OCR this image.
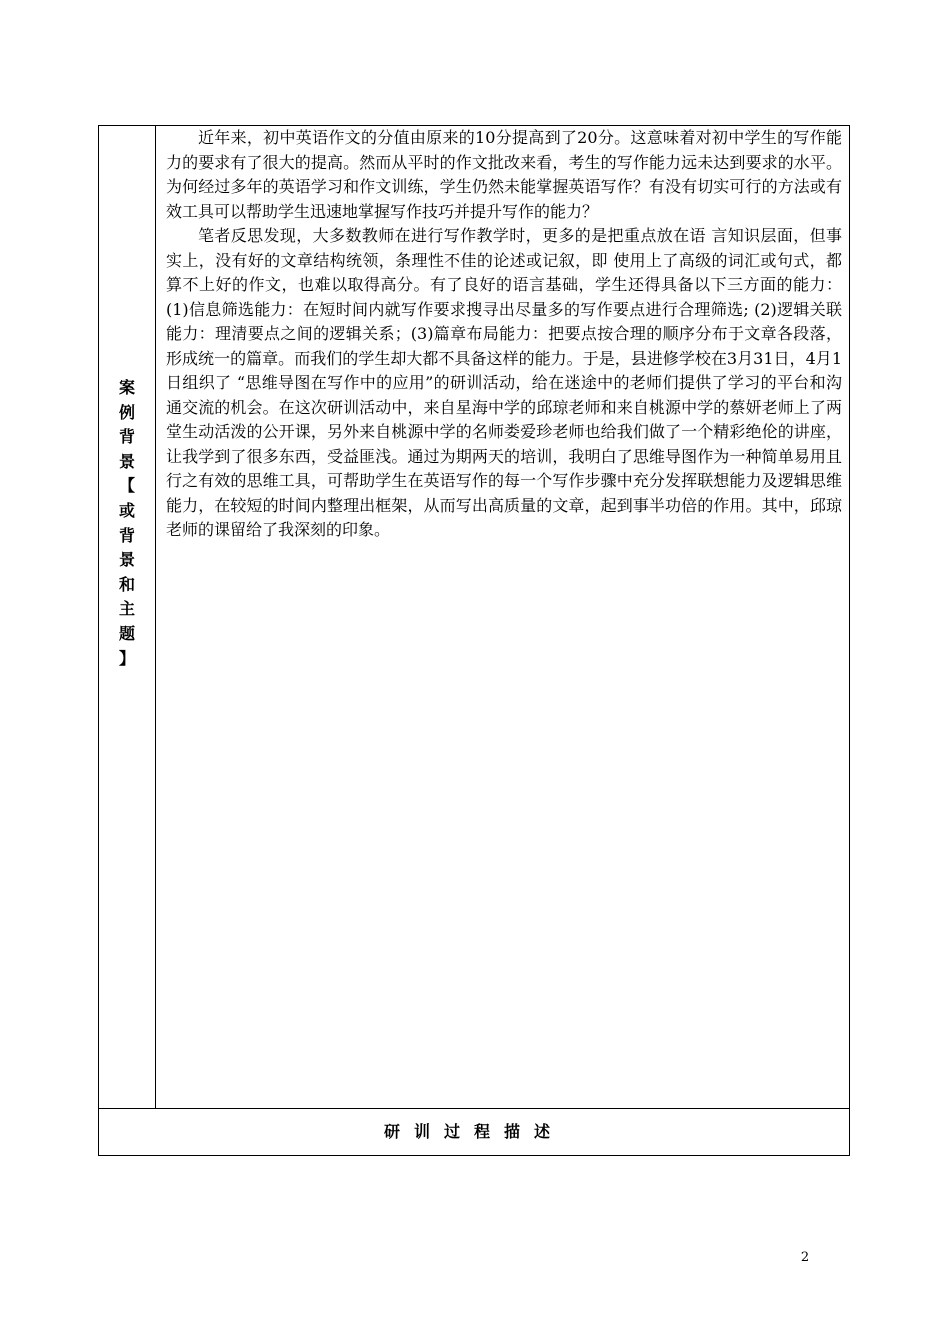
案
例
背
景
【
或
背
景
和
主
题
】

近年来，初中英语作文的分值由原来的10分提高到了20分。这意味着对初中学生的写作能力的要求有了很大的提高。然而从平时的作文批改来看，考生的写作能力远未达到要求的水平。为何经过多年的英语学习和作文训练，学生仍然未能掌握英语写作？有没有切实可行的方法或有效工具可以帮助学生迅速地掌握写作技巧并提升写作的能力？

笔者反思发现，大多数教师在进行写作教学时，更多的是把重点放在语 言知识层面，但事实上，没有好的文章结构统领，条理性不佳的论述或记叙，即 使用上了高级的词汇或句式，都算不上好的作文，也难以取得高分。有了良好的语言基础，学生还得具备以下三方面的能力：(1)信息筛选能力：在短时间内就写作要求搜寻出尽量多的写作要点进行合理筛选; (2)逻辑关联能力：理清要点之间的逻辑关系；(3)篇章布局能力：把要点按合理的顺序分布于文章各段落，形成统一的篇章。而我们的学生却大都不具备这样的能力。于是，县进修学校在3月31日，4月1日组织了 “思维导图在写作中的应用”的研训活动，给在迷途中的老师们提供了学习的平台和沟通交流的机会。在这次研训活动中，来自星海中学的邱琼老师和来自桃源中学的蔡妍老师上了两堂生动活泼的公开课，另外来自桃源中学的名师娄爱珍老师也给我们做了一个精彩绝伦的讲座，让我学到了很多东西，受益匪浅。通过为期两天的培训，我明白了思维导图作为一种简单易用且行之有效的思维工具，可帮助学生在英语写作的每一个写作步骤中充分发挥联想能力及逻辑思维能力，在较短的时间内整理出框架，从而写出高质量的文章，起到事半功倍的作用。其中，邱琼老师的课留给了我深刻的印象。

研训过程描述
2
